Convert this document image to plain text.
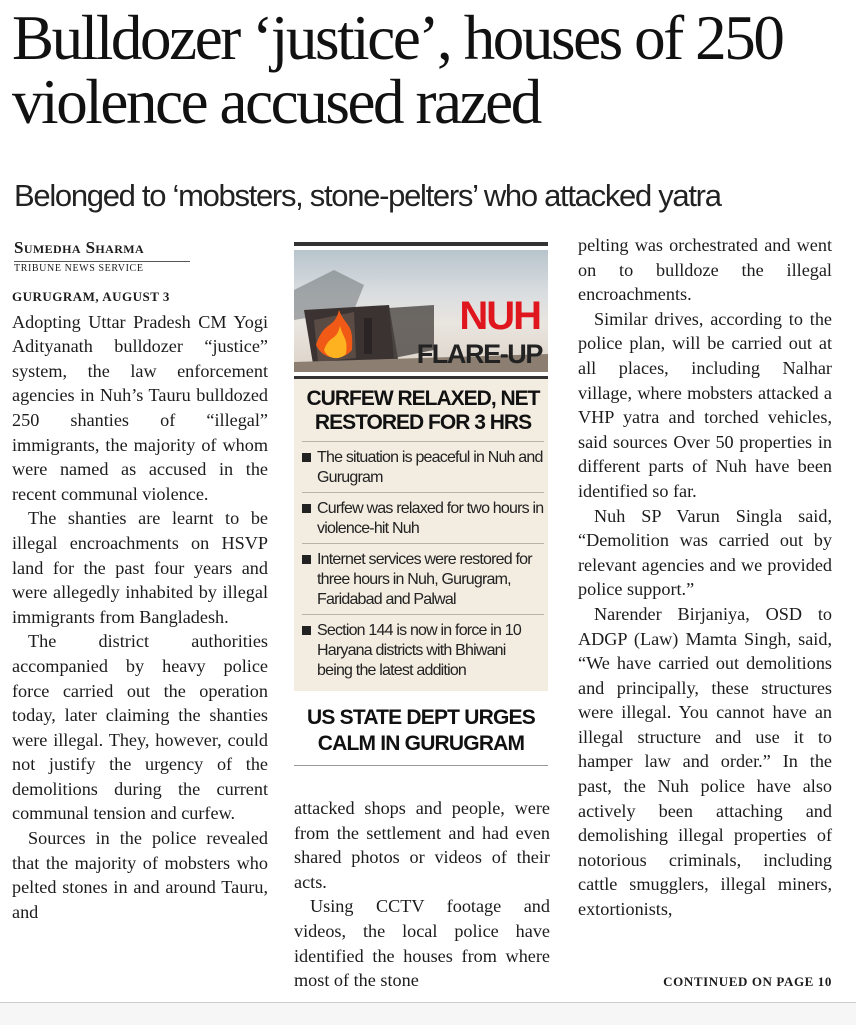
Bulldozer ‘justice’, houses of 250 violence accused razed
Belonged to ‘mobsters, stone-pelters’ who attacked yatra
Sumedha Sharma
TRIBUNE NEWS SERVICE
GURUGRAM, AUGUST 3

Adopting Uttar Pradesh CM Yogi Adityanath bulldozer “justice” system, the law enforcement agencies in Nuh’s Tauru bulldozed 250 shanties of “illegal” immigrants, the majority of whom were named as accused in the recent communal violence.

The shanties are learnt to be illegal encroachments on HSVP land for the past four years and were allegedly inhabited by illegal immigrants from Bangladesh.

The district authorities accompanied by heavy police force carried out the operation today, later claiming the shanties were illegal. They, however, could not justify the urgency of the demolitions during the current communal tension and curfew.

Sources in the police revealed that the majority of mobsters who pelted stones in and around Tauru, and

NUH
FLARE-UP
CURFEW RELAXED, NET RESTORED FOR 3 HRS
The situation is peaceful in Nuh and Gurugram
Curfew was relaxed for two hours in violence-hit Nuh
Internet services were restored for three hours in Nuh, Gurugram, Faridabad and Palwal
Section 144 is now in force in 10 Haryana districts with Bhiwani being the latest addition
US STATE DEPT URGES CALM IN GURUGRAM

attacked shops and people, were from the settlement and had even shared photos or videos of their acts.

Using CCTV footage and videos, the local police have identified the houses from where most of the stone

pelting was orchestrated and went on to bulldoze the illegal encroachments.

Similar drives, according to the police plan, will be carried out at all places, including Nalhar village, where mobsters attacked a VHP yatra and torched vehicles, said sources Over 50 properties in different parts of Nuh have been identified so far.

Nuh SP Varun Singla said, “Demolition was carried out by relevant agencies and we provided police support.”

Narender Birjaniya, OSD to ADGP (Law) Mamta Singh, said, “We have carried out demolitions and principally, these structures were illegal. You cannot have an illegal structure and use it to hamper law and order.” In the past, the Nuh police have also actively been attaching and demolishing illegal properties of notorious criminals, including cattle smugglers, illegal miners, extortionists,

CONTINUED ON PAGE 10
